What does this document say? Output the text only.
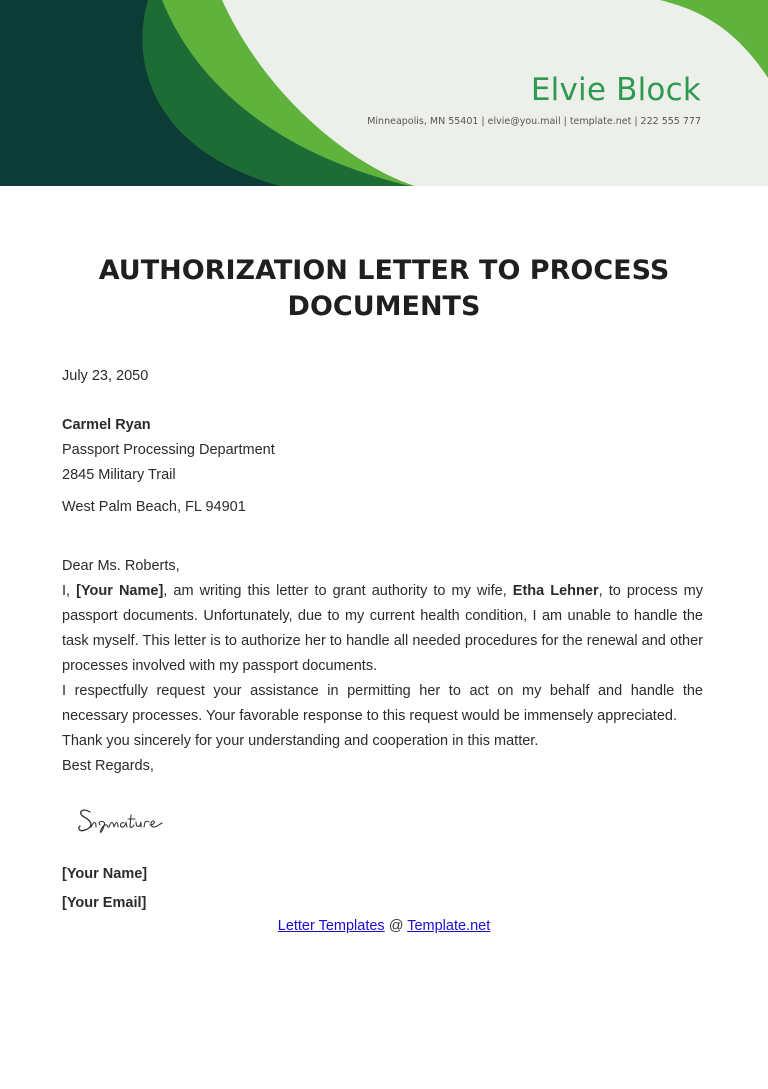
Elvie Block
Minneapolis, MN 55401 | elvie@you.mail | template.net | 222 555 777
AUTHORIZATION LETTER TO PROCESS DOCUMENTS
July 23, 2050
Carmel Ryan
Passport Processing Department
2845 Military Trail
West Palm Beach, FL 94901

Dear Ms. Roberts,

I, [Your Name], am writing this letter to grant authority to my wife, Etha Lehner, to process my passport documents. Unfortunately, due to my current health condition, I am unable to handle the task myself. This letter is to authorize her to handle all needed procedures for the renewal and other processes involved with my passport documents.

I respectfully request your assistance in permitting her to act on my behalf and handle the necessary processes. Your favorable response to this request would be immensely appreciated.

Thank you sincerely for your understanding and cooperation in this matter.

Best Regards,

[Your Name]
[Your Email]
Letter Templates @ Template.net
